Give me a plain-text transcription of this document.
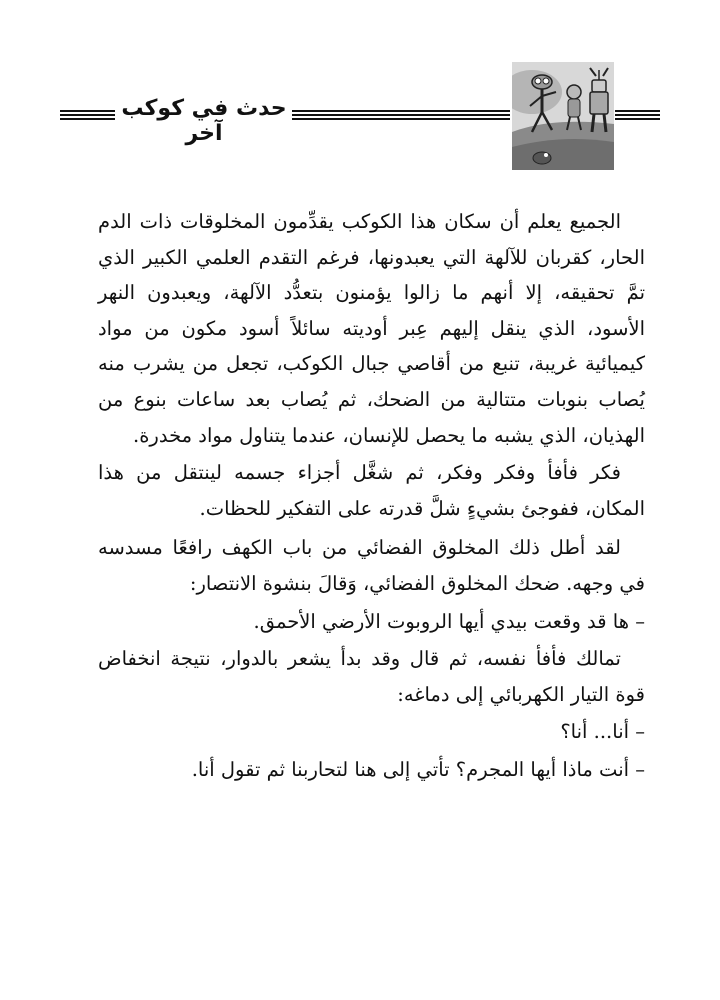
حدث في كوكب آخر

الجميع يعلم أن سكان هذا الكوكب يقدِّمون المخلوقات ذات الدم الحار، كقربان للآلهة التي يعبدونها، فرغم التقدم العلمي الكبير الذي تمَّ تحقيقه، إلا أنهم ما زالوا يؤمنون بتعدُّد الآلهة، ويعبدون النهر الأسود، الذي ينقل إليهم عِبر أوديته سائلاً أسود مكون من مواد كيميائية غريبة، تنبع من أقاصي جبال الكوكب، تجعل من يشرب منه يُصاب بنوبات متتالية من الضحك، ثم يُصاب بعد ساعات بنوع من الهذيان، الذي يشبه ما يحصل للإنسان، عندما يتناول مواد مخدرة.

فكر فأفأ وفكر وفكر، ثم شغَّل أجزاء جسمه لينتقل من هذا المكان، ففوجئ بشيءٍ شلَّ قدرته على التفكير للحظات.

لقد أطل ذلك المخلوق الفضائي من باب الكهف رافعًا مسدسه في وجهه. ضحك المخلوق الفضائي، وَقالَ بنشوة الانتصار:

– ها قد وقعت بيدي أيها الروبوت الأرضي الأحمق.

تمالك فأفأ نفسه، ثم قال وقد بدأ يشعر بالدوار، نتيجة انخفاض قوة التيار الكهربائي إلى دماغه:

– أنا... أنا؟

– أنت ماذا أيها المجرم؟ تأتي إلى هنا لتحاربنا ثم تقول أنا.
